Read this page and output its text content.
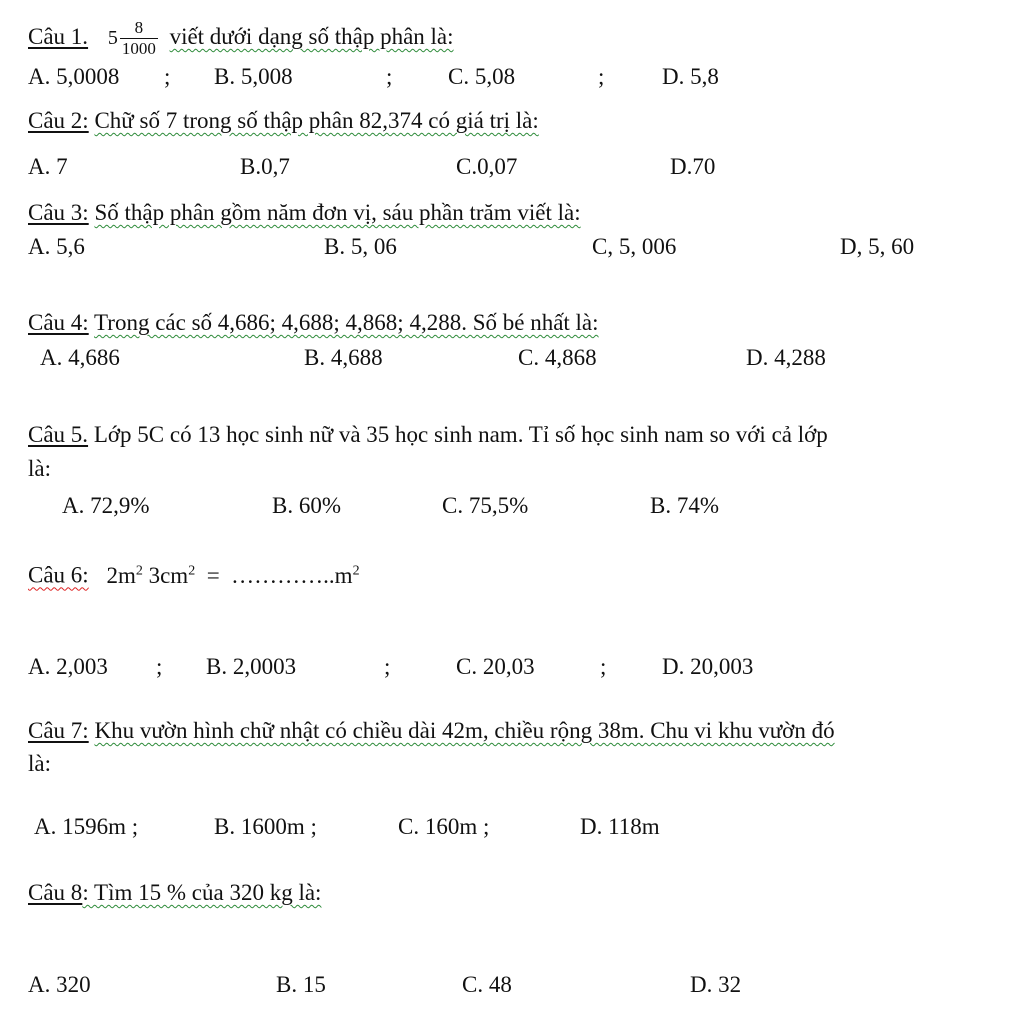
Câu 1. $5 \frac{8}{1000}$ viết dưới dạng số thập phân là:
A. 5,0008 ; B. 5,008	; C. 5,08	;	D. 5,8
Câu 2: Chữ số 7 trong số thập phân 82,374 có giá trị là:
A. 7	B.0,7	C.0,07	D.70
Câu 3: Số thập phân gồm năm đơn vị, sáu phần trăm viết là:
A. 5,6	B. 5, 06	C, 5, 006	D, 5, 60
Câu 4: Trong các số 4,686; 4,688; 4,868; 4,288. Số bé nhất là:
A. 4,686	B. 4,688	C. 4,868	D. 4,288
Câu 5. Lớp 5C có 13 học sinh nữ và 35 học sinh nam. Tỉ số học sinh nam so với cả lớp
là:
A. 72,9%	B. 60%	C. 75,5%	B. 74%
Câu 6: $2m^2$ $3cm^2$  =  $\dots\dots\dots\dots..m^2$
A. 2,003 ; B. 2,0003	;	C. 20,03	; D. 20,003
Câu 7: Khu vườn hình chữ nhật có chiều dài 42m, chiều rộng 38m. Chu vi khu vườn đó
là:
A. 1596m ;	B. 1600m ;	C. 160m ;	D. 118m
Câu 8: Tìm 15 % của 320 kg là:
A. 320	B. 15	C. 48	D. 32
